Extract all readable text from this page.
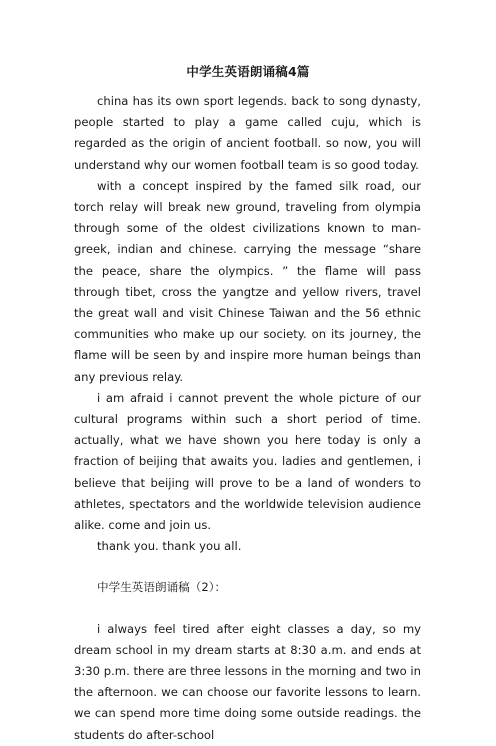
中学生英语朗诵稿4篇

china has its own sport legends. back to song dynasty, people started to play a game called cuju, which is regarded as the origin of ancient football. so now, you will understand why our women football team is so good today.

with a concept inspired by the famed silk road, our torch relay will break new ground, traveling from olympia through some of the oldest civilizations known to man-greek, indian and chinese. carrying the message “share the peace, share the olympics. ” the flame will pass through tibet, cross the yangtze and yellow rivers, travel the great wall and visit Chinese Taiwan and the 56 ethnic communities who make up our society. on its journey, the flame will be seen by and inspire more human beings than any previous relay.

i am afraid i cannot prevent the whole picture of our cultural programs within such a short period of time. actually, what we have shown you here today is only a fraction of beijing that awaits you. ladies and gentlemen, i believe that beijing will prove to be a land of wonders to athletes, spectators and the worldwide television audience alike. come and join us.

thank you. thank you all.

中学生英语朗诵稿（2）：

i always feel tired after eight classes a day, so my dream school in my dream starts at 8:30 a.m. and ends at 3:30 p.m. there are three lessons in the morning and two in the afternoon. we can choose our favorite lessons to learn. we can spend more time doing some outside readings. the students do after-school
